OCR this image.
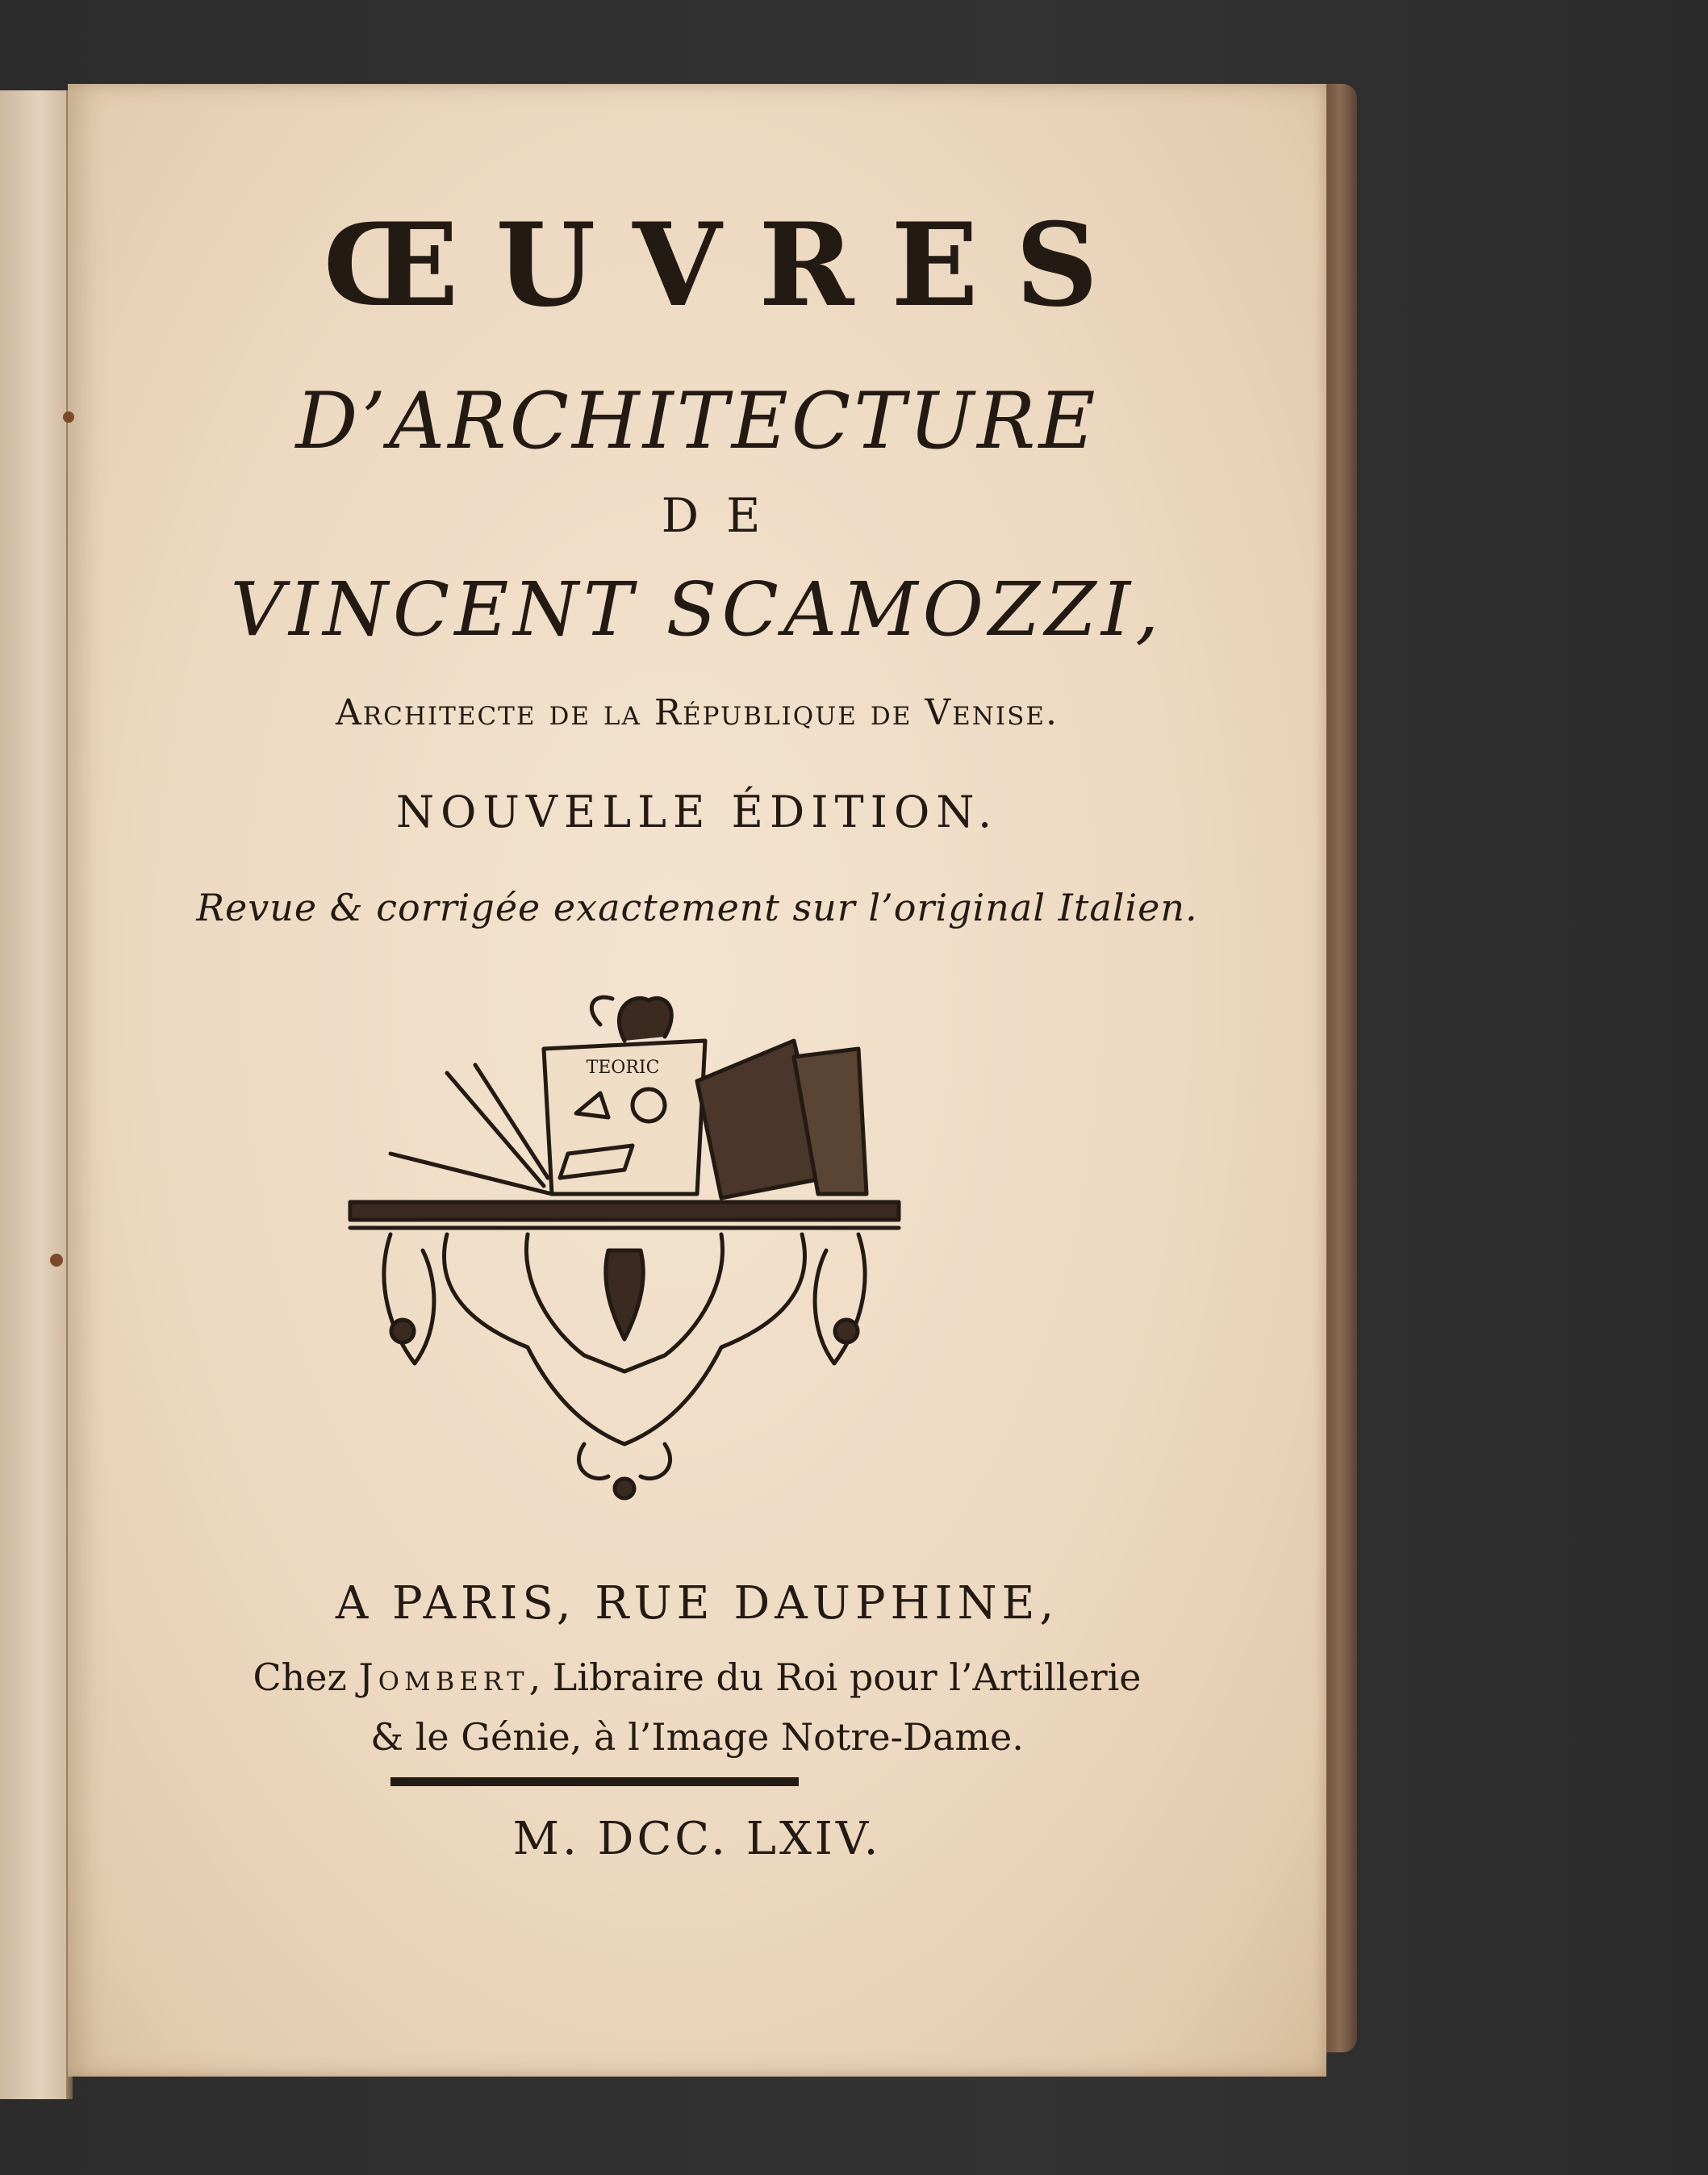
ŒUVRES
D’ARCHITECTURE
DE
VINCENT SCAMOZZI,
Architecte de la République de Venise.
NOUVELLE ÉDITION.
Revue & corrigée exactement sur l’original Italien.
TEORIC
A PARIS, RUE DAUPHINE,
Chez Jombert, Libraire du Roi pour l’Artillerie
& le Génie, à l’Image Notre-Dame.
M. DCC. LXIV.
